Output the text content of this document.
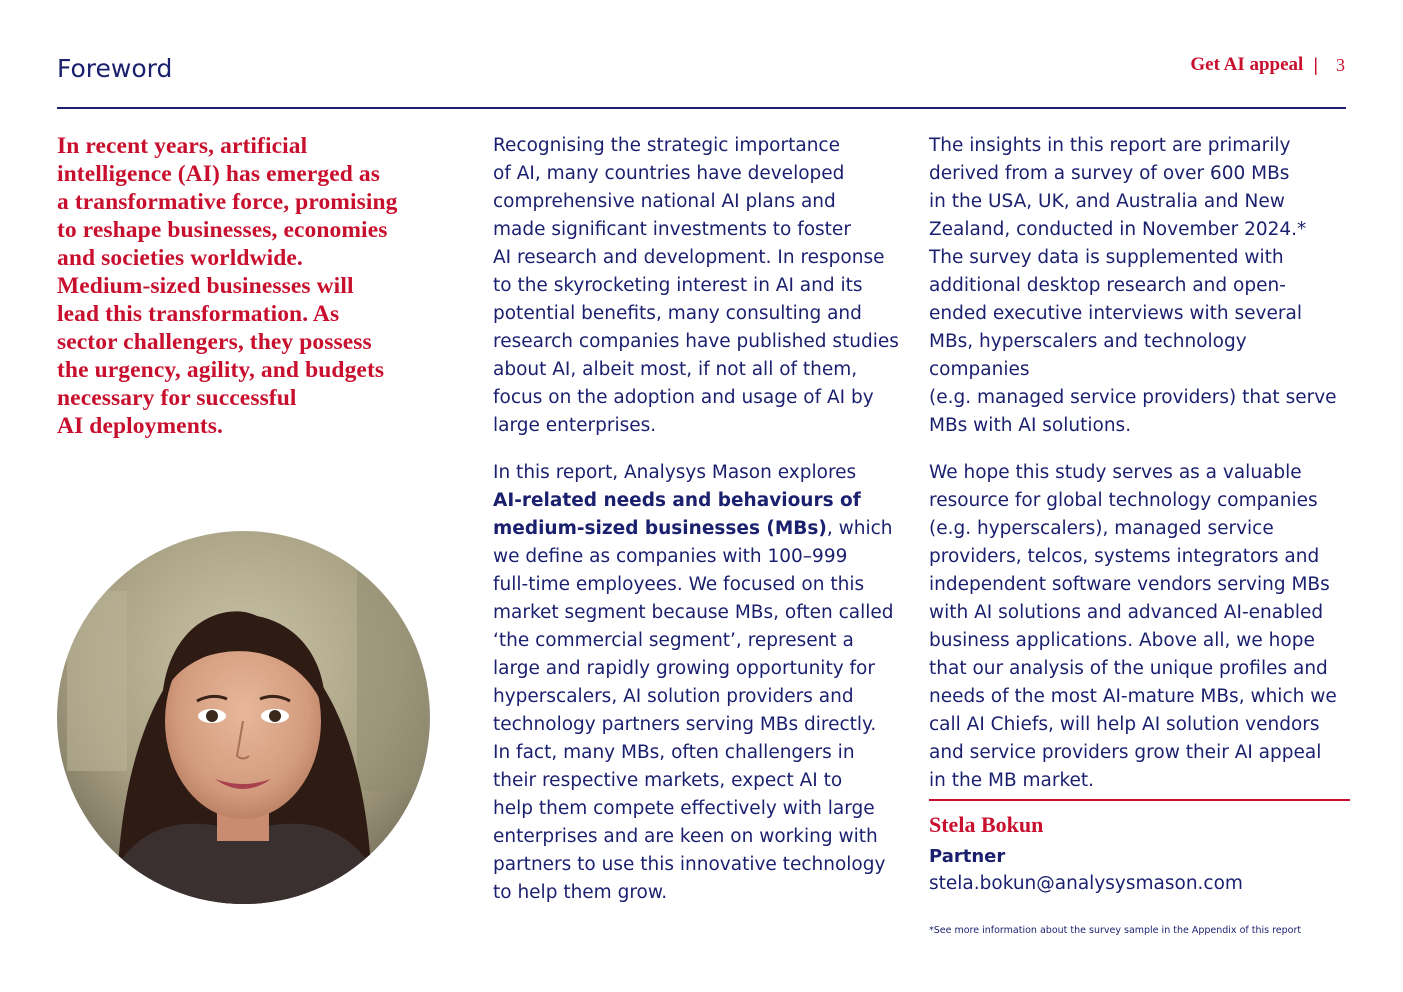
Foreword	Get AI appeal | 3
In recent years, artificial
intelligence (AI) has emerged as
a transformative force, promising
to reshape businesses, economies
and societies worldwide.
Medium-sized businesses will
lead this transformation. As
sector challengers, they possess
the urgency, agility, and budgets
necessary for successful
AI deployments.

Recognising the strategic importance
of AI, many countries have developed
comprehensive national AI plans and
made significant investments to foster
AI research and development. In response
to the skyrocketing interest in AI and its
potential benefits, many consulting and
research companies have published studies
about AI, albeit most, if not all of them,
focus on the adoption and usage of AI by
large enterprises.

In this report, Analysys Mason explores
AI-related needs and behaviours of
medium-sized businesses (MBs), which
we define as companies with 100–999
full-time employees. We focused on this
market segment because MBs, often called
‘the commercial segment’, represent a
large and rapidly growing opportunity for
hyperscalers, AI solution providers and
technology partners serving MBs directly.
In fact, many MBs, often challengers in
their respective markets, expect AI to
help them compete effectively with large
enterprises and are keen on working with
partners to use this innovative technology
to help them grow.

The insights in this report are primarily
derived from a survey of over 600 MBs
in the USA, UK, and Australia and New
Zealand, conducted in November 2024.*
The survey data is supplemented with
additional desktop research and open-
ended executive interviews with several
MBs, hyperscalers and technology companies
(e.g. managed service providers) that serve
MBs with AI solutions.

We hope this study serves as a valuable
resource for global technology companies
(e.g. hyperscalers), managed service
providers, telcos, systems integrators and
independent software vendors serving MBs
with AI solutions and advanced AI-enabled
business applications. Above all, we hope
that our analysis of the unique profiles and
needs of the most AI-mature MBs, which we
call AI Chiefs, will help AI solution vendors
and service providers grow their AI appeal
in the MB market.

Stela Bokun
Partner
stela.bokun@analysysmason.com
*See more information about the survey sample in the Appendix of this report
